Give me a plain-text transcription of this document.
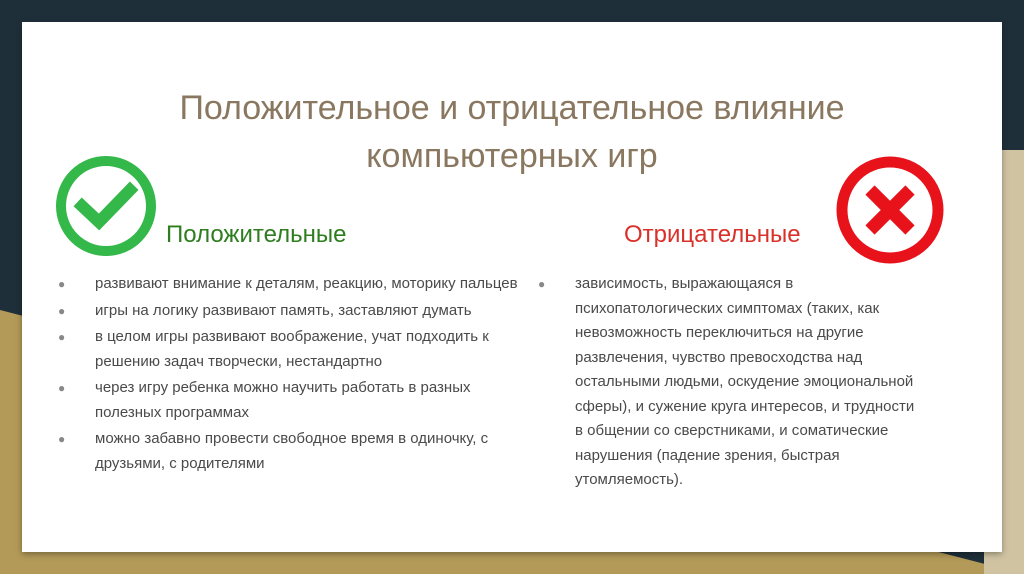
Положительное и отрицательное влияние
компьютерных игр
Положительные	Отрицательные
● развивают внимание к деталям, реакцию, моторику пальцев
● игры на логику развивают память, заставляют думать
● в целом игры развивают воображение, учат подходить к решению задач творчески, нестандартно
● через игру ребенка можно научить работать в разных полезных программах
● можно забавно провести свободное время в одиночку, с друзьями, с родителями
● зависимость, выражающаяся в психопатологических симптомах (таких, как невозможность переключиться на другие развлечения, чувство превосходства над остальными людьми, оскудение эмоциональной сферы), и сужение круга интересов, и трудности в общении со сверстниками, и соматические нарушения (падение зрения, быстрая утомляемость).
